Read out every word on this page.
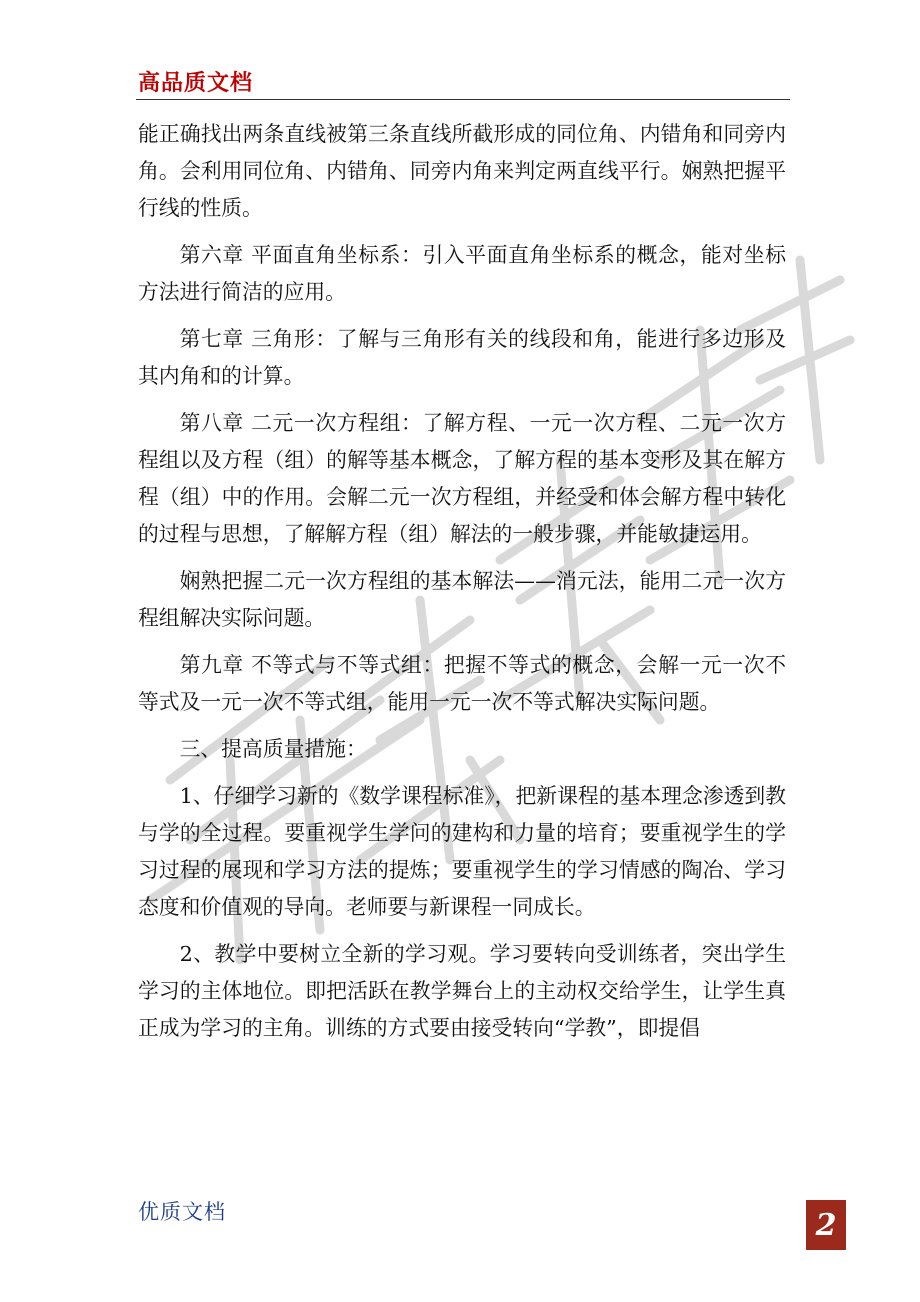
高品质文档

能正确找出两条直线被第三条直线所截形成的同位角、内错角和同旁内角。会利用同位角、内错角、同旁内角来判定两直线平行。娴熟把握平行线的性质。

第六章 平面直角坐标系：引入平面直角坐标系的概念，能对坐标方法进行简洁的应用。

第七章 三角形：了解与三角形有关的线段和角，能进行多边形及其内角和的计算。

第八章 二元一次方程组：了解方程、一元一次方程、二元一次方程组以及方程（组）的解等基本概念，了解方程的基本变形及其在解方程（组）中的作用。会解二元一次方程组，并经受和体会解方程中转化的过程与思想，了解解方程（组）解法的一般步骤，并能敏捷运用。

娴熟把握二元一次方程组的基本解法——消元法，能用二元一次方程组解决实际问题。

第九章 不等式与不等式组：把握不等式的概念，会解一元一次不等式及一元一次不等式组，能用一元一次不等式解决实际问题。

三、提高质量措施：

1、仔细学习新的《数学课程标准》，把新课程的基本理念渗透到教与学的全过程。要重视学生学问的建构和力量的培育；要重视学生的学习过程的展现和学习方法的提炼；要重视学生的学习情感的陶冶、学习态度和价值观的导向。老师要与新课程一同成长。

2、教学中要树立全新的学习观。学习要转向受训练者，突出学生学习的主体地位。即把活跃在教学舞台上的主动权交给学生，让学生真正成为学习的主角。训练的方式要由接受转向“学教”，即提倡

优质文档	2
